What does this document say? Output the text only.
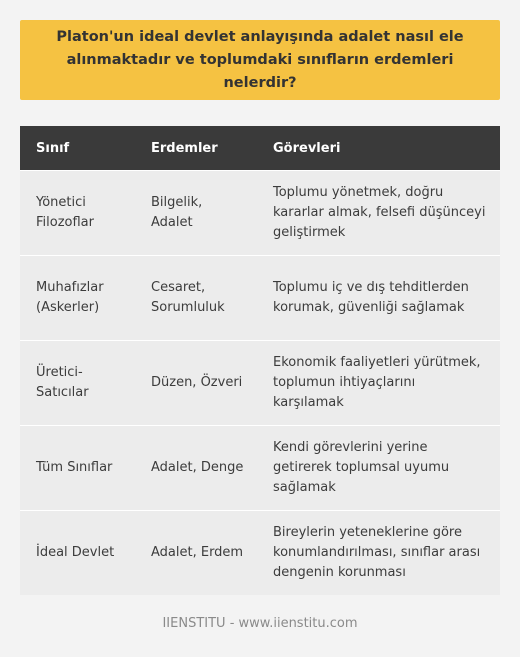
Platon'un ideal devlet anlayışında adalet nasıl ele alınmaktadır ve toplumdaki sınıfların erdemleri nelerdir?

Sınıf	Erdemler	Görevleri
Yönetici Filozoflar	Bilgelik, Adalet	Toplumu yönetmek, doğru kararlar almak, felsefi düşünceyi geliştirmek
Muhafızlar (Askerler)	Cesaret, Sorumluluk	Toplumu iç ve dış tehditlerden korumak, güvenliği sağlamak
Üretici-Satıcılar	Düzen, Özveri	Ekonomik faaliyetleri yürütmek, toplumun ihtiyaçlarını karşılamak
Tüm Sınıflar	Adalet, Denge	Kendi görevlerini yerine getirerek toplumsal uyumu sağlamak
İdeal Devlet	Adalet, Erdem	Bireylerin yeteneklerine göre konumlandırılması, sınıflar arası dengenin korunması
IIENSTITU - www.iienstitu.com
